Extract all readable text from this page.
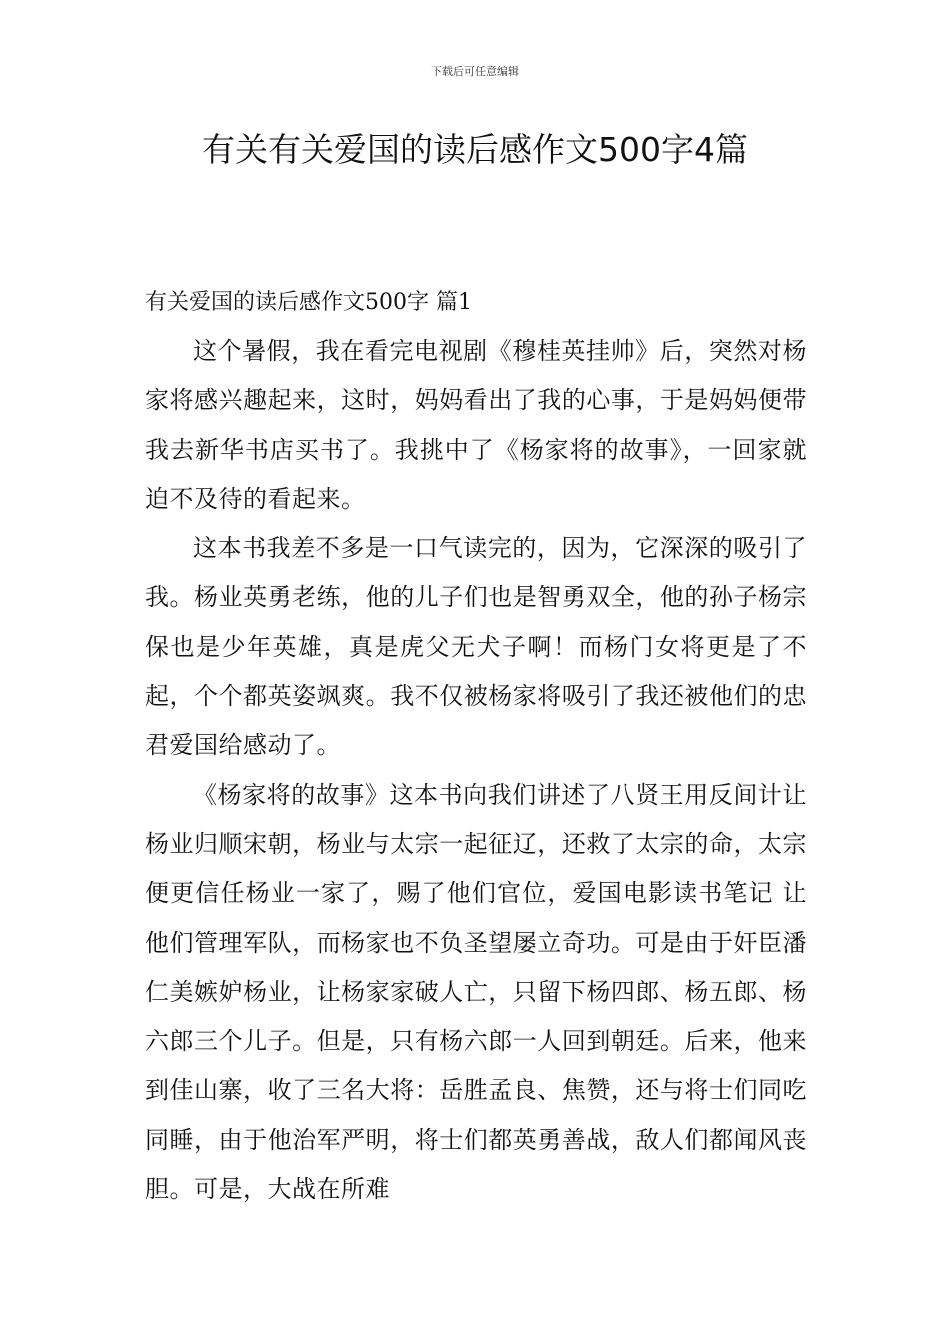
下载后可任意编辑
有关有关爱国的读后感作文500字4篇

有关爱国的读后感作文500字 篇1

这个暑假，我在看完电视剧《穆桂英挂帅》后，突然对杨家将感兴趣起来，这时，妈妈看出了我的心事，于是妈妈便带我去新华书店买书了。我挑中了《杨家将的故事》，一回家就迫不及待的看起来。

这本书我差不多是一口气读完的，因为，它深深的吸引了我。杨业英勇老练，他的儿子们也是智勇双全，他的孙子杨宗保也是少年英雄，真是虎父无犬子啊！而杨门女将更是了不起，个个都英姿飒爽。我不仅被杨家将吸引了我还被他们的忠君爱国给感动了。

《杨家将的故事》这本书向我们讲述了八贤王用反间计让杨业归顺宋朝，杨业与太宗一起征辽，还救了太宗的命，太宗便更信任杨业一家了，赐了他们官位，爱国电影读书笔记 让他们管理军队，而杨家也不负圣望屡立奇功。可是由于奸臣潘仁美嫉妒杨业，让杨家家破人亡，只留下杨四郎、杨五郎、杨六郎三个儿子。但是，只有杨六郎一人回到朝廷。后来，他来到佳山寨，收了三名大将：岳胜孟良、焦赞，还与将士们同吃同睡，由于他治军严明，将士们都英勇善战，敌人们都闻风丧胆。可是，大战在所难
